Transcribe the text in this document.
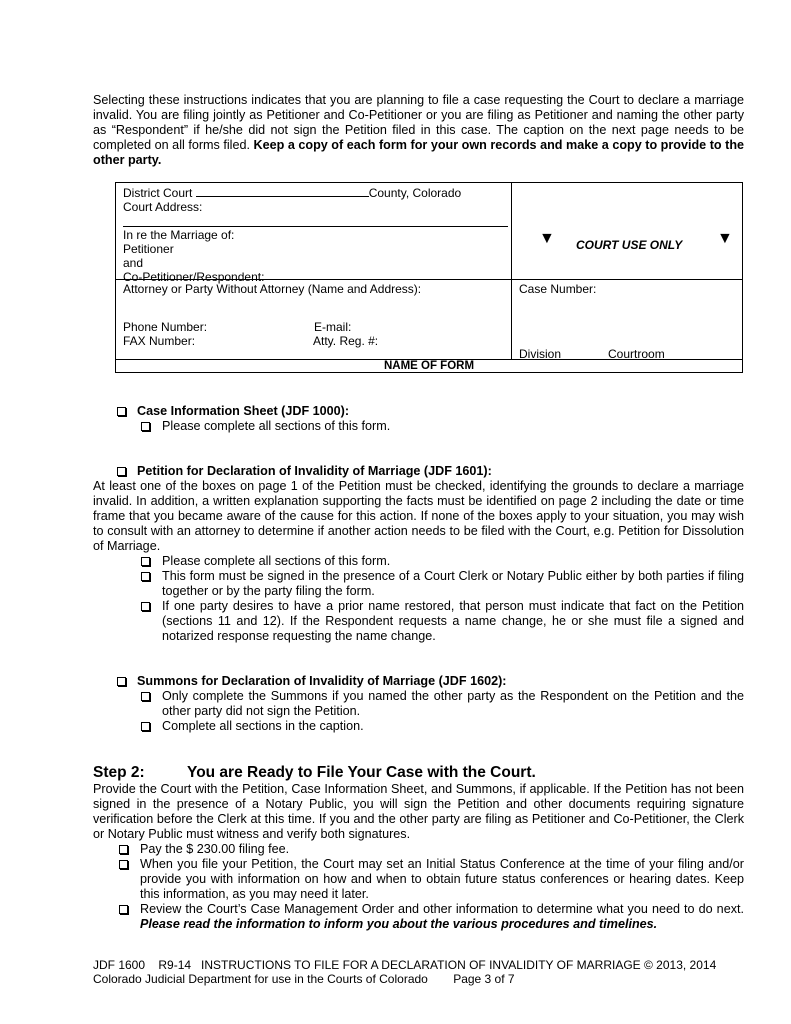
Selecting these instructions indicates that you are planning to file a case requesting the Court to declare a marriage invalid. You are filing jointly as Petitioner and Co-Petitioner or you are filing as Petitioner and naming the other party as “Respondent” if he/she did not sign the Petition filed in this case. The caption on the next page needs to be completed on all forms filed. Keep a copy of each form for your own records and make a copy to provide to the other party.

District Court	County, Colorado
Court Address:
In re the Marriage of:
Petitioner
and
Co-Petitioner/Respondent:
▼ COURT USE ONLY ▼
Attorney or Party Without Attorney (Name and Address):
Phone Number:	E-mail:
FAX Number:	Atty. Reg. #:
Case Number:
Division	Courtroom
NAME OF FORM
Case Information Sheet (JDF 1000):
Please complete all sections of this form.
Petition for Declaration of Invalidity of Marriage (JDF 1601):

At least one of the boxes on page 1 of the Petition must be checked, identifying the grounds to declare a marriage invalid. In addition, a written explanation supporting the facts must be identified on page 2 including the date or time frame that you became aware of the cause for this action. If none of the boxes apply to your situation, you may wish to consult with an attorney to determine if another action needs to be filed with the Court, e.g. Petition for Dissolution of Marriage.

Please complete all sections of this form.
This form must be signed in the presence of a Court Clerk or Notary Public either by both parties if filing together or by the party filing the form.
If one party desires to have a prior name restored, that person must indicate that fact on the Petition (sections 11 and 12). If the Respondent requests a name change, he or she must file a signed and notarized response requesting the name change.
Summons for Declaration of Invalidity of Marriage (JDF 1602):
Only complete the Summons if you named the other party as the Respondent on the Petition and the other party did not sign the Petition.
Complete all sections in the caption.
Step 2:	You are Ready to File Your Case with the Court.

Provide the Court with the Petition, Case Information Sheet, and Summons, if applicable. If the Petition has not been signed in the presence of a Notary Public, you will sign the Petition and other documents requiring signature verification before the Clerk at this time. If you and the other party are filing as Petitioner and Co-Petitioner, the Clerk or Notary Public must witness and verify both signatures.

Pay the $ 230.00 filing fee.
When you file your Petition, the Court may set an Initial Status Conference at the time of your filing and/or provide you with information on how and when to obtain future status conferences or hearing dates. Keep this information, as you may need it later.
Review the Court’s Case Management Order and other information to determine what you need to do next. Please read the information to inform you about the various procedures and timelines.
JDF 1600    R9-14   INSTRUCTIONS TO FILE FOR A DECLARATION OF INVALIDITY OF MARRIAGE © 2013, 2014
Colorado Judicial Department for use in the Courts of Colorado Page 3 of 7
